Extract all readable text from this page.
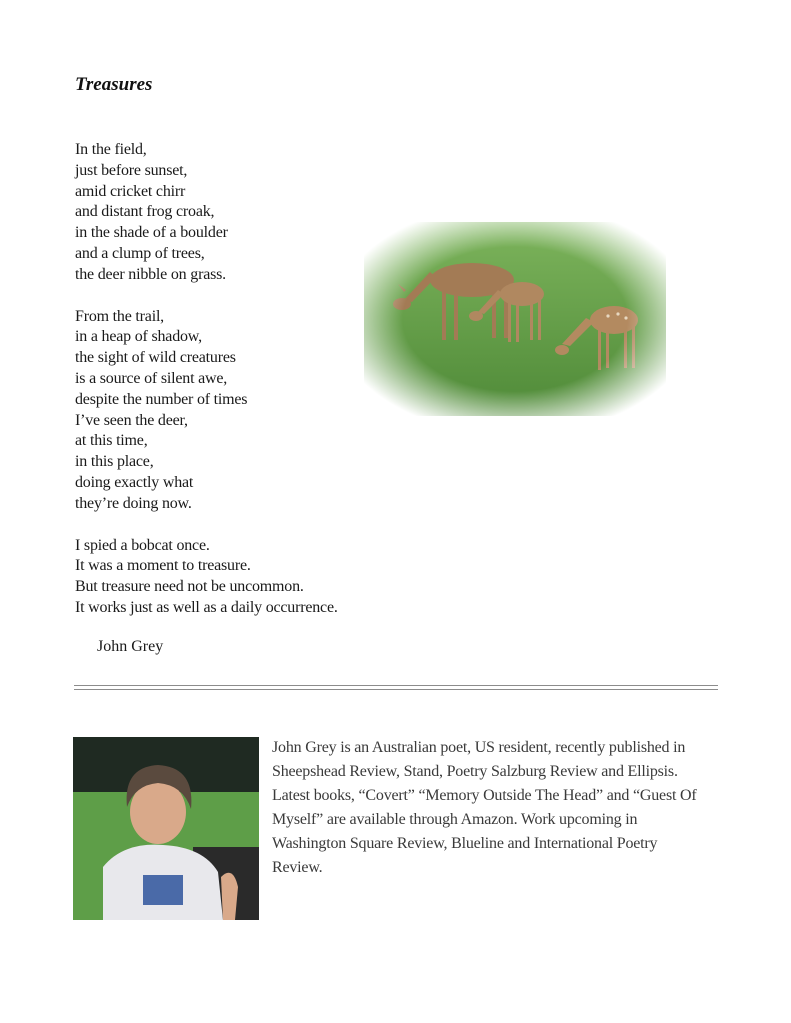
Treasures
In the field,
just before sunset,
amid cricket chirr
and distant frog croak,
in the shade of a boulder
and a clump of trees,
the deer nibble on grass.
From the trail,
in a heap of shadow,
the sight of wild creatures
is a source of silent awe,
despite the number of times
I’ve seen the deer,
at this time,
in this place,
doing exactly what
they’re doing now.
I spied a bobcat once.
It was a moment to treasure.
But treasure need not be uncommon.
It works just as well as a daily occurrence.
John Grey
John Grey is an Australian poet, US resident, recently published in Sheepshead Review, Stand, Poetry Salzburg Review and Ellipsis. Latest books, “Covert” “Memory Outside The Head” and “Guest Of Myself” are available through Amazon. Work upcoming in Washington Square Review, Blueline and International Poetry Review.
